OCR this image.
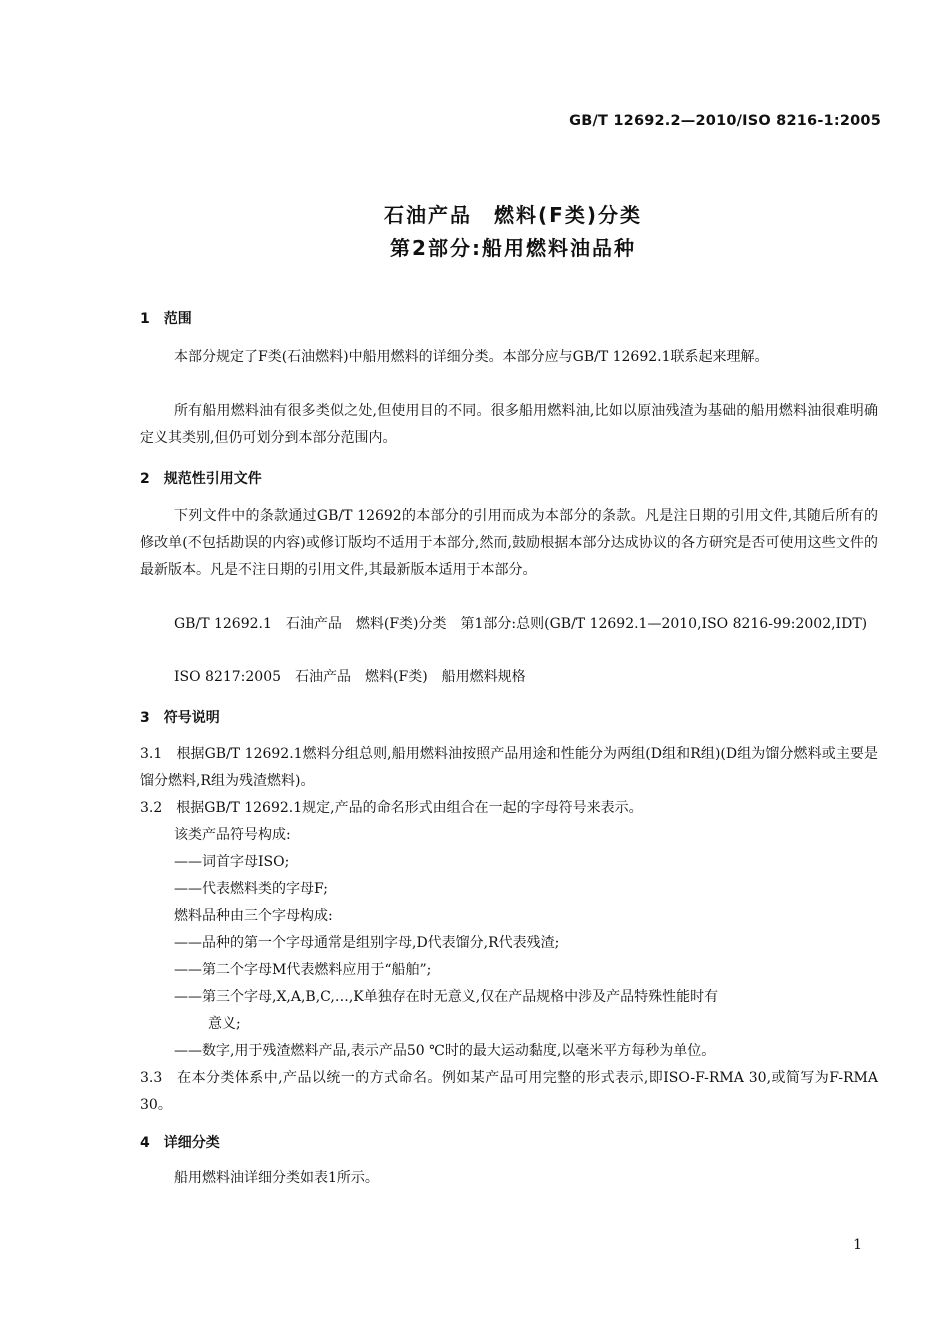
GB/T 12692.2—2010/ISO 8216-1:2005
石油产品　燃料(F类)分类
第2部分:船用燃料油品种
1　范围

本部分规定了F类(石油燃料)中船用燃料的详细分类。本部分应与GB/T 12692.1联系起来理解。

所有船用燃料油有很多类似之处,但使用目的不同。很多船用燃料油,比如以原油残渣为基础的船用燃料油很难明确定义其类别,但仍可划分到本部分范围内。

2　规范性引用文件

下列文件中的条款通过GB/T 12692的本部分的引用而成为本部分的条款。凡是注日期的引用文件,其随后所有的修改单(不包括勘误的内容)或修订版均不适用于本部分,然而,鼓励根据本部分达成协议的各方研究是否可使用这些文件的最新版本。凡是不注日期的引用文件,其最新版本适用于本部分。

GB/T 12692.1　石油产品　燃料(F类)分类　第1部分:总则(GB/T 12692.1—2010,ISO 8216-99:2002,IDT)

ISO 8217:2005　石油产品　燃料(F类)　船用燃料规格

3　符号说明

3.1　根据GB/T 12692.1燃料分组总则,船用燃料油按照产品用途和性能分为两组(D组和R组)(D组为馏分燃料或主要是馏分燃料,R组为残渣燃料)。

3.2　根据GB/T 12692.1规定,产品的命名形式由组合在一起的字母符号来表示。

该类产品符号构成:
——词首字母ISO;
——代表燃料类的字母F;
燃料品种由三个字母构成:
——品种的第一个字母通常是组别字母,D代表馏分,R代表残渣;
——第二个字母M代表燃料应用于“船舶”;
——第三个字母,X,A,B,C,…,K单独存在时无意义,仅在产品规格中涉及产品特殊性能时有
意义;
——数字,用于残渣燃料产品,表示产品50 ℃时的最大运动黏度,以毫米平方每秒为单位。

3.3　在本分类体系中,产品以统一的方式命名。例如某产品可用完整的形式表示,即ISO-F-RMA 30,或简写为F-RMA 30。

4　详细分类

船用燃料油详细分类如表1所示。

1
